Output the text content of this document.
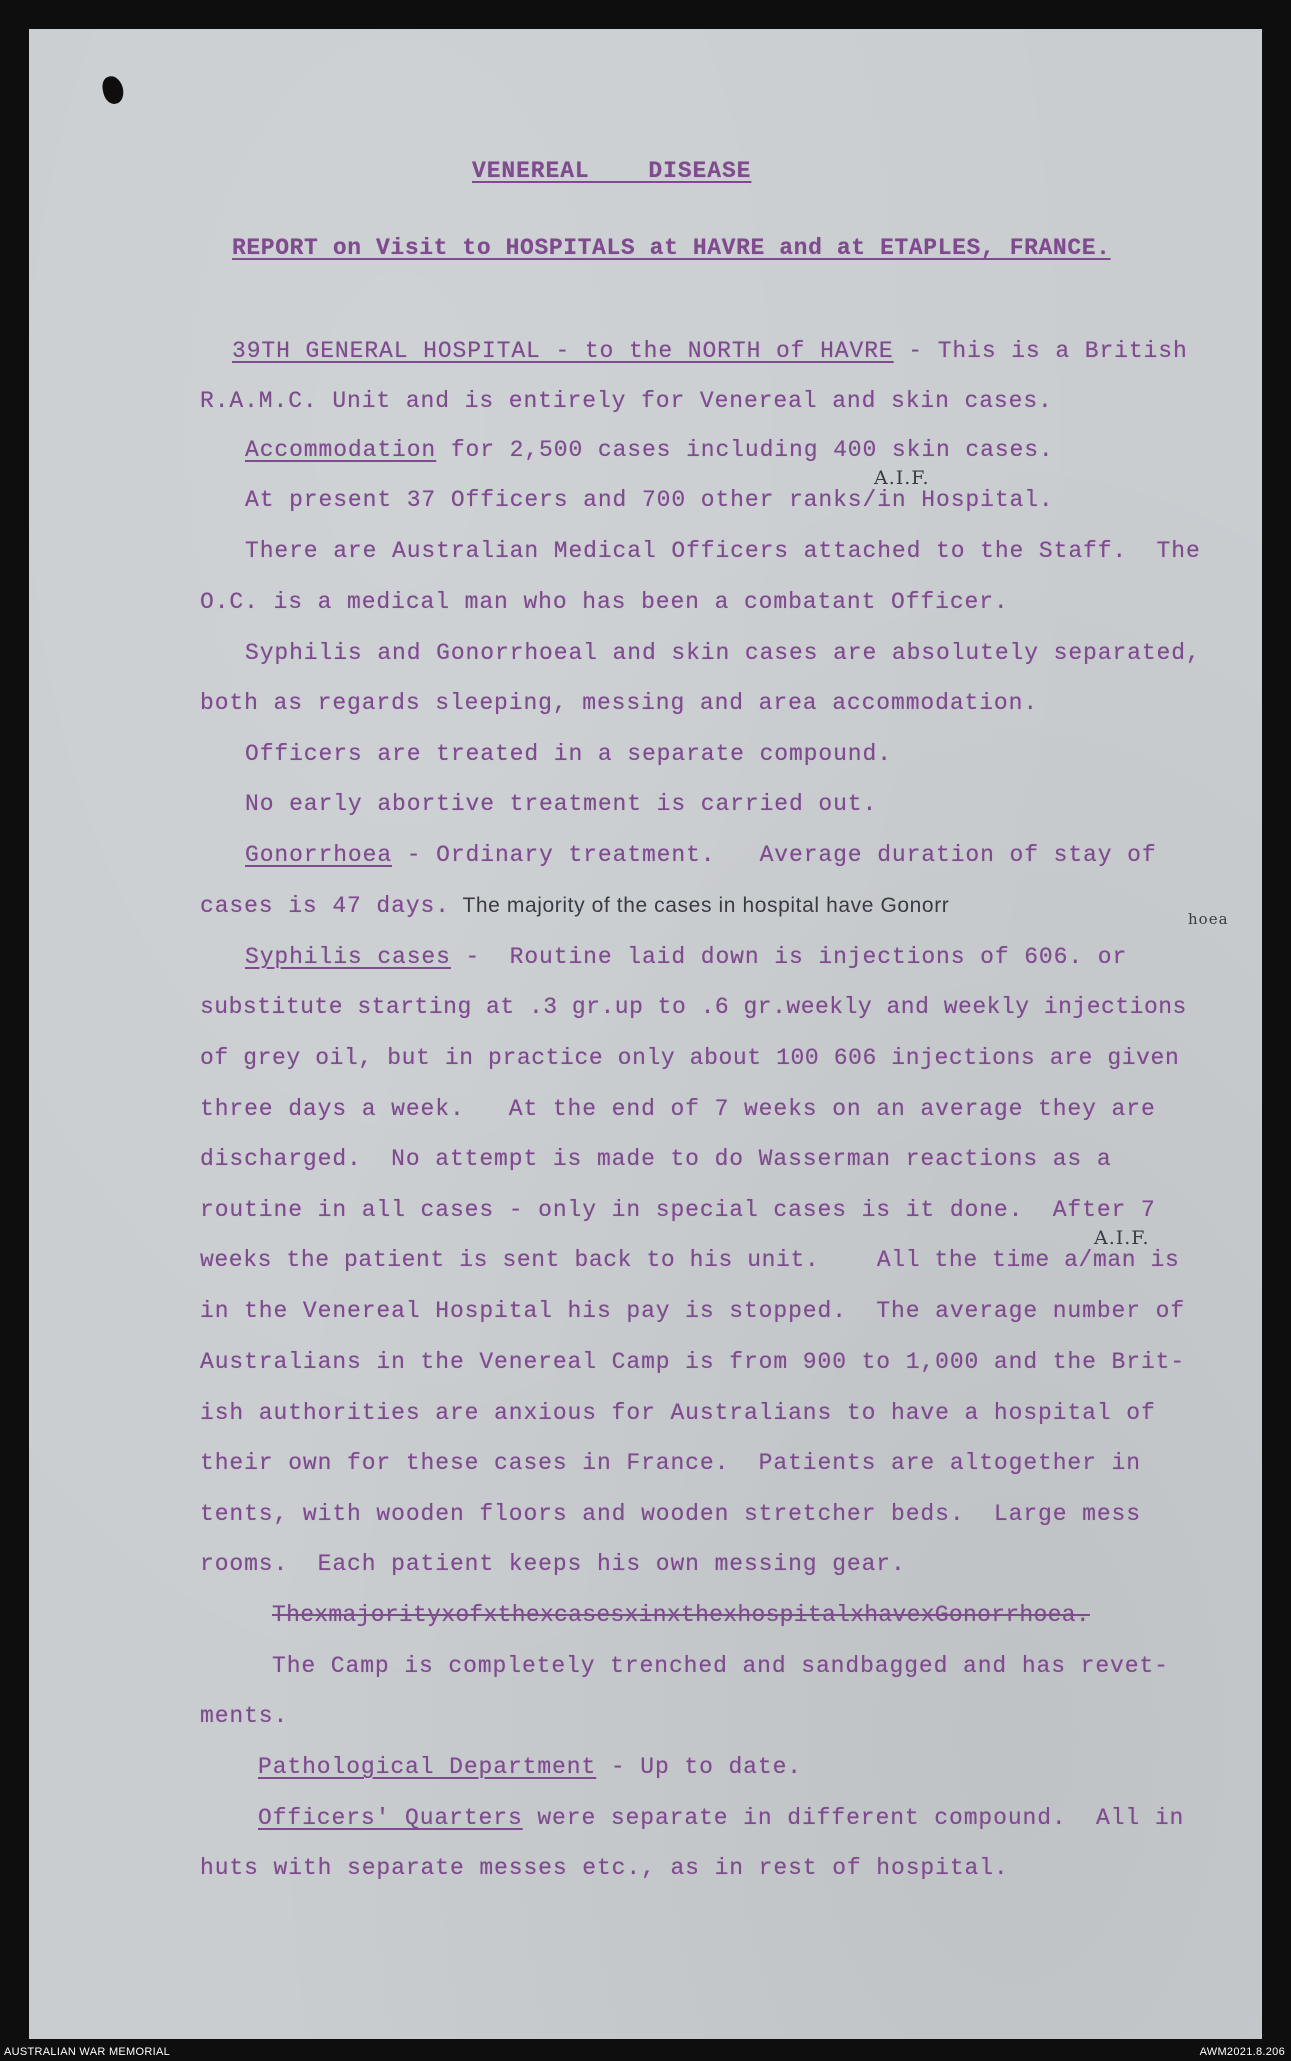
VENEREAL    DISEASE
REPORT on Visit to HOSPITALS at HAVRE and at ETAPLES, FRANCE.
39TH GENERAL HOSPITAL - to the NORTH of HAVRE - This is a British
R.A.M.C. Unit and is entirely for Venereal and skin cases.
Accommodation for 2,500 cases including 400 skin cases.
A.I.F.
At present 37 Officers and 700 other ranks/in Hospital.
There are Australian Medical Officers attached to the Staff.  The
O.C. is a medical man who has been a combatant Officer.
Syphilis and Gonorrhoeal and skin cases are absolutely separated,
both as regards sleeping, messing and area accommodation.
Officers are treated in a separate compound.
No early abortive treatment is carried out.
Gonorrhoea - Ordinary treatment.   Average duration of stay of
cases is 47 days.  The majority of the cases in hospital have Gonorr
hoea
Syphilis cases -  Routine laid down is injections of 606. or
substitute starting at .3 gr.up to .6 gr.weekly and weekly injections
of grey oil, but in practice only about 100 606 injections are given
three days a week.   At the end of 7 weeks on an average they are
discharged.  No attempt is made to do Wasserman reactions as a
routine in all cases - only in special cases is it done.  After 7
A.I.F.
weeks the patient is sent back to his unit.    All the time a/man is
in the Venereal Hospital his pay is stopped.  The average number of
Australians in the Venereal Camp is from 900 to 1,000 and the Brit-
ish authorities are anxious for Australians to have a hospital of
their own for these cases in France.  Patients are altogether in
tents, with wooden floors and wooden stretcher beds.  Large mess
rooms.  Each patient keeps his own messing gear.
ThexmajorityxofxthexcasesxinxthexhospitalxhavexGonorrhoea.
The Camp is completely trenched and sandbagged and has revet-
ments.
Pathological Department - Up to date.
Officers' Quarters were separate in different compound.  All in
huts with separate messes etc., as in rest of hospital.
AUSTRALIAN WAR MEMORIAL	AWM2021.8.206
